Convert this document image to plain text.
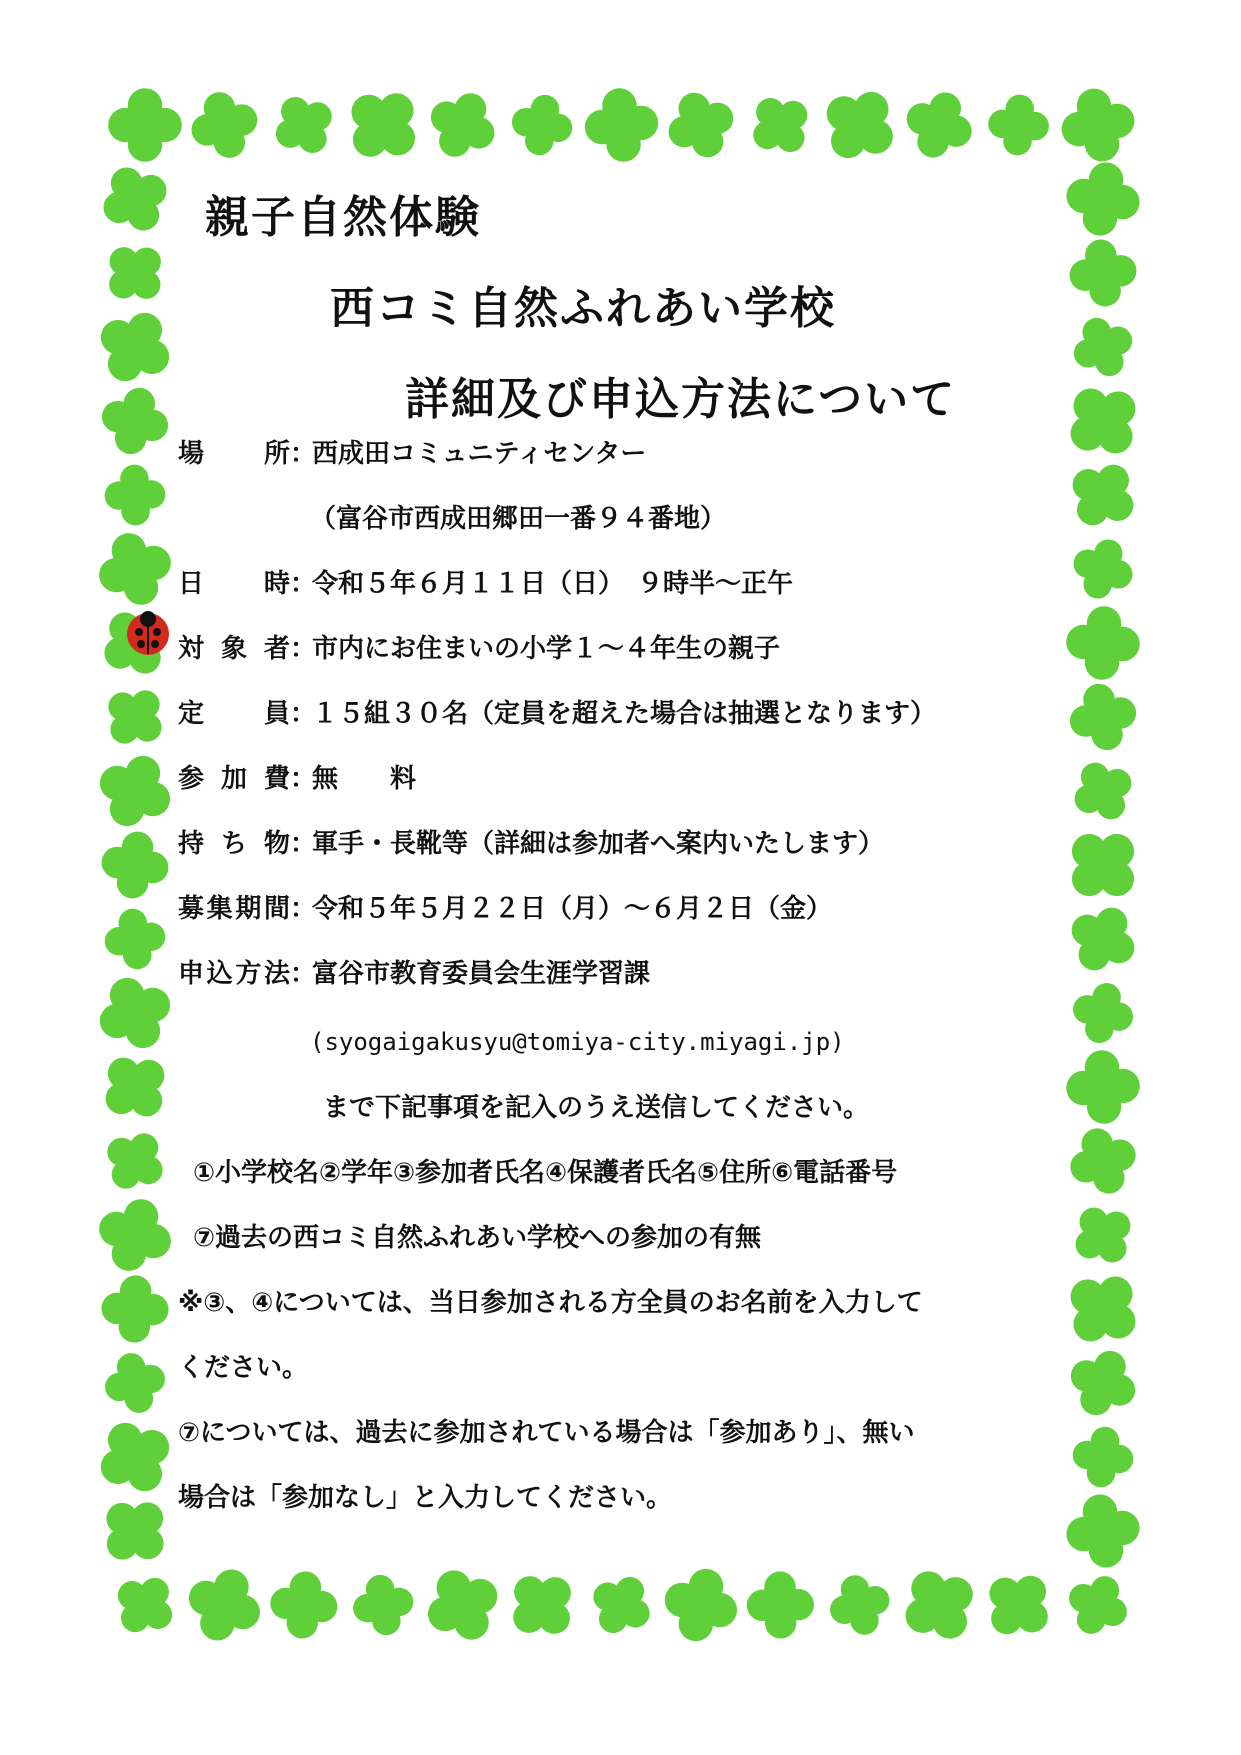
親子自然体験
西コミ自然ふれあい学校
詳細及び申込方法について
場　所：西成田コミュニティセンター
（富谷市西成田郷田一番９４番地）
日　時：令和５年６月１１日（日）　９時半～正午
対象者：市内にお住まいの小学１～４年生の親子
定　員：１５組３０名（定員を超えた場合は抽選となります）
参加費：無　　料
持ち物：軍手・長靴等（詳細は参加者へ案内いたします）
募集期間：令和５年５月２２日（月）～６月２日（金）
申込方法：富谷市教育委員会生涯学習課
(syogaigakusyu@tomiya-city.miyagi.jp)
まで下記事項を記入のうえ送信してください。
①小学校名②学年③参加者氏名④保護者氏名⑤住所⑥電話番号
⑦過去の西コミ自然ふれあい学校への参加の有無
※③、④については、当日参加される方全員のお名前を入力して
ください。
⑦については、過去に参加されている場合は「参加あり」、無い
場合は「参加なし」と入力してください。
